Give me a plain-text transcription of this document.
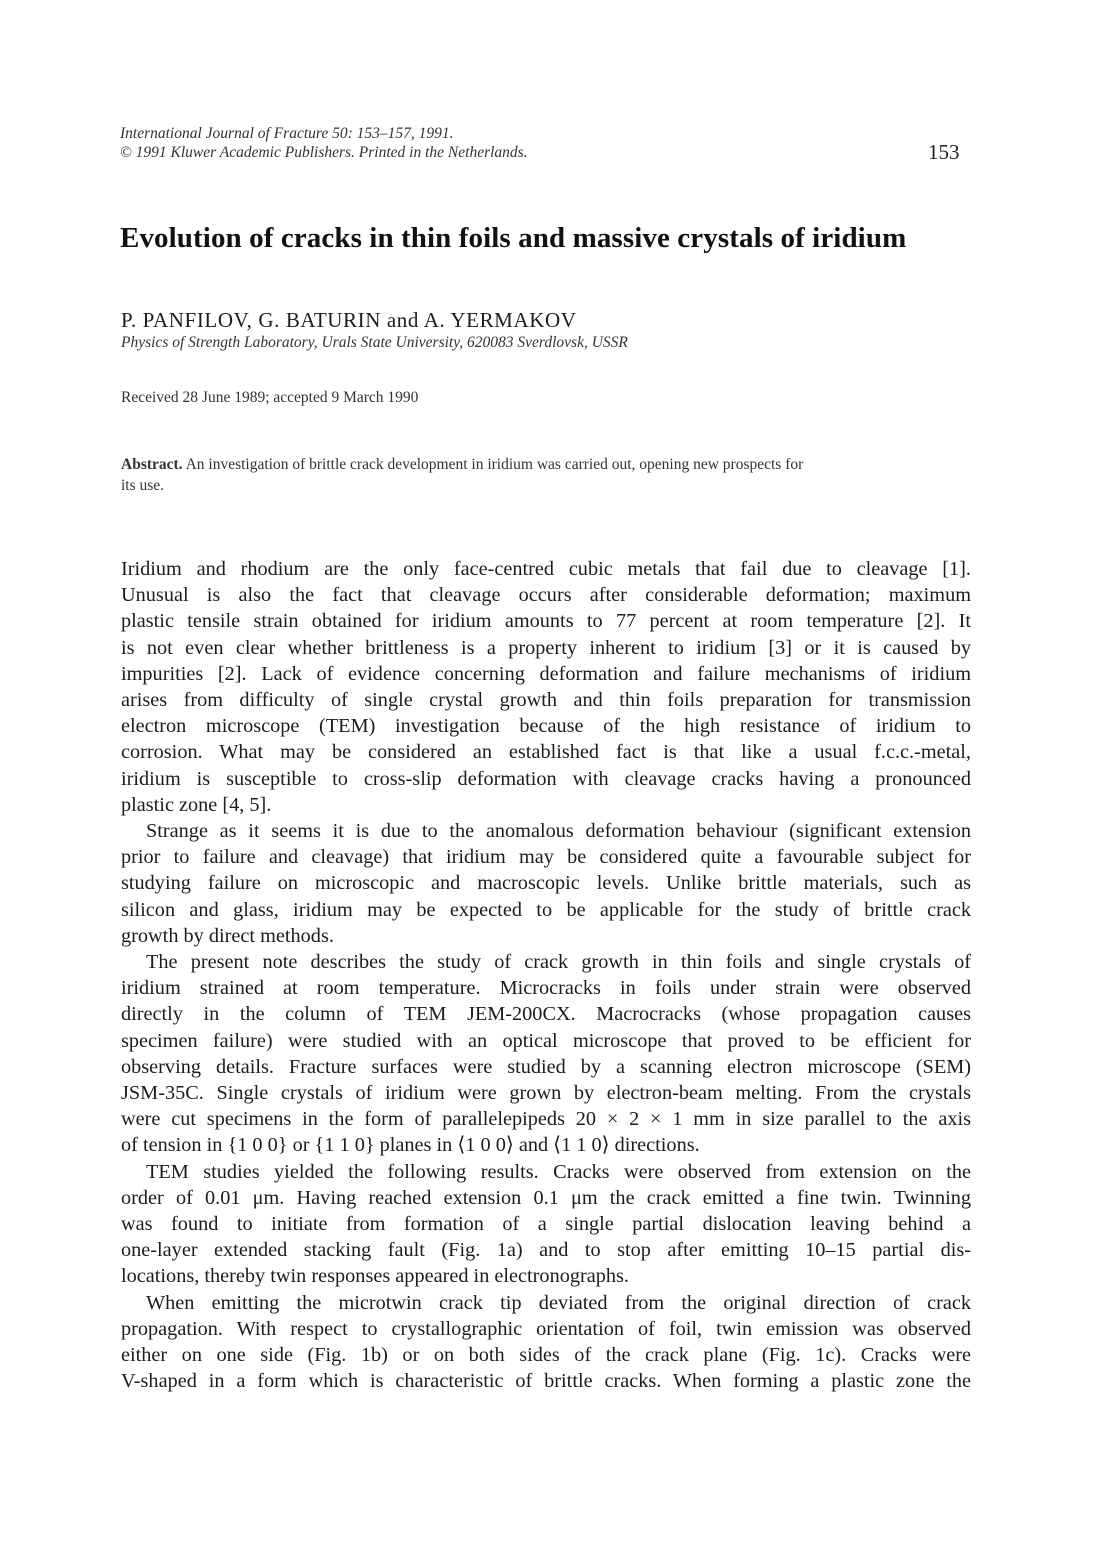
International Journal of Fracture 50: 153–157, 1991.
© 1991 Kluwer Academic Publishers. Printed in the Netherlands.	153
Evolution of cracks in thin foils and massive crystals of iridium
P. PANFILOV, G. BATURIN and A. YERMAKOV
Physics of Strength Laboratory, Urals State University, 620083 Sverdlovsk, USSR
Received 28 June 1989; accepted 9 March 1990
Abstract. An investigation of brittle crack development in iridium was carried out, opening new prospects for
its use.
Iridium and rhodium are the only face-centred cubic metals that fail due to cleavage [1].
Unusual is also the fact that cleavage occurs after considerable deformation; maximum
plastic tensile strain obtained for iridium amounts to 77 percent at room temperature [2]. It
is not even clear whether brittleness is a property inherent to iridium [3] or it is caused by
impurities [2]. Lack of evidence concerning deformation and failure mechanisms of iridium
arises from difficulty of single crystal growth and thin foils preparation for transmission
electron microscope (TEM) investigation because of the high resistance of iridium to
corrosion. What may be considered an established fact is that like a usual f.c.c.-metal,
iridium is susceptible to cross-slip deformation with cleavage cracks having a pronounced
plastic zone [4, 5].
Strange as it seems it is due to the anomalous deformation behaviour (significant extension
prior to failure and cleavage) that iridium may be considered quite a favourable subject for
studying failure on microscopic and macroscopic levels. Unlike brittle materials, such as
silicon and glass, iridium may be expected to be applicable for the study of brittle crack
growth by direct methods.
The present note describes the study of crack growth in thin foils and single crystals of
iridium strained at room temperature. Microcracks in foils under strain were observed
directly in the column of TEM JEM-200CX. Macrocracks (whose propagation causes
specimen failure) were studied with an optical microscope that proved to be efficient for
observing details. Fracture surfaces were studied by a scanning electron microscope (SEM)
JSM-35C. Single crystals of iridium were grown by electron-beam melting. From the crystals
were cut specimens in the form of parallelepipeds 20 × 2 × 1 mm in size parallel to the axis
of tension in {1 0 0} or {1 1 0} planes in ⟨1 0 0⟩ and ⟨1 1 0⟩ directions.
TEM studies yielded the following results. Cracks were observed from extension on the
order of 0.01 μm. Having reached extension 0.1 μm the crack emitted a fine twin. Twinning
was found to initiate from formation of a single partial dislocation leaving behind a
one-layer extended stacking fault (Fig. 1a) and to stop after emitting 10–15 partial dis-
locations, thereby twin responses appeared in electronographs.
When emitting the microtwin crack tip deviated from the original direction of crack
propagation. With respect to crystallographic orientation of foil, twin emission was observed
either on one side (Fig. 1b) or on both sides of the crack plane (Fig. 1c). Cracks were
V-shaped in a form which is characteristic of brittle cracks. When forming a plastic zone the
